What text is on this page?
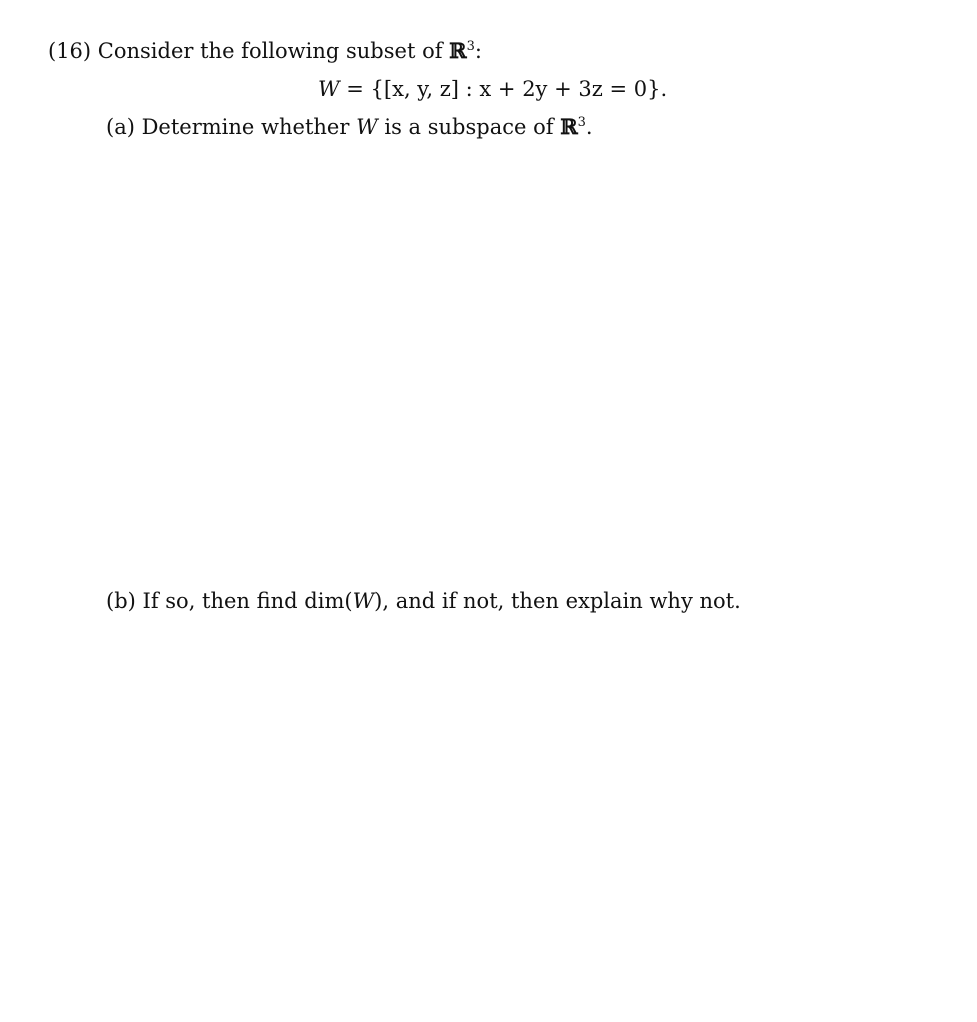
(16) Consider the following subset of ℝ$^3$:
W = {[x, y, z] : x + 2y + 3z = 0}.
(a) Determine whether W is a subspace of ℝ$^3$.
(b) If so, then find dim(W), and if not, then explain why not.
